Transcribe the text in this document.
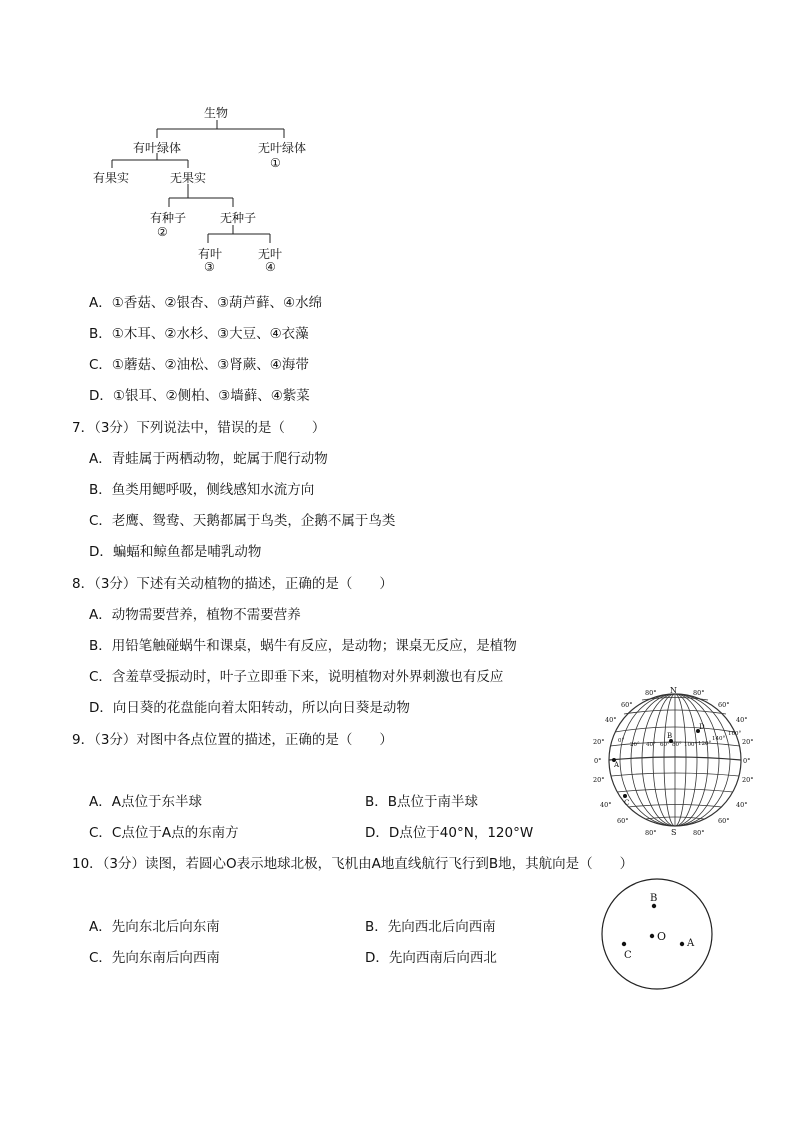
生物
有叶绿体	无叶绿体
①
有果实	无果实
有种子
②
无种子
有叶
③
无叶
④
A．①香菇、②银杏、③葫芦藓、④水绵
B．①木耳、②水杉、③大豆、④衣藻
C．①蘑菇、②油松、③肾蕨、④海带
D．①银耳、②侧柏、③墙藓、④紫菜
7．（3分）下列说法中，错误的是（　　）
A．青蛙属于两栖动物，蛇属于爬行动物
B．鱼类用鳃呼吸，侧线感知水流方向
C．老鹰、鸳鸯、天鹅都属于鸟类，企鹅不属于鸟类
D．蝙蝠和鲸鱼都是哺乳动物
8．（3分）下述有关动植物的描述，正确的是（　　）
A．动物需要营养，植物不需要营养
B．用铅笔触碰蜗牛和课桌，蜗牛有反应，是动物；课桌无反应，是植物
C．含羞草受振动时，叶子立即垂下来，说明植物对外界刺激也有反应
D．向日葵的花盘能向着太阳转动，所以向日葵是动物
9．（3分）对图中各点位置的描述，正确的是（　　）
A．A点位于东半球	B．B点位于南半球
C．C点位于A点的东南方	D．D点位于40°N，120°W
N
S
80°	80°
60°
40°
20°
0°
20°
40°
60°
60°
40°
20°
0°
20°
40°
60°
80°	80°
0°
20° 40° 60° 80° 100° 120°
140°
160°
A
B
C
D
10．（3分）读图，若圆心O表示地球北极，飞机由A地直线航行飞行到B地，其航向是（　　）
A．先向东北后向东南	B．先向西北后向西南
C．先向东南后向西南	D．先向西南后向西北
B
O
A
C
